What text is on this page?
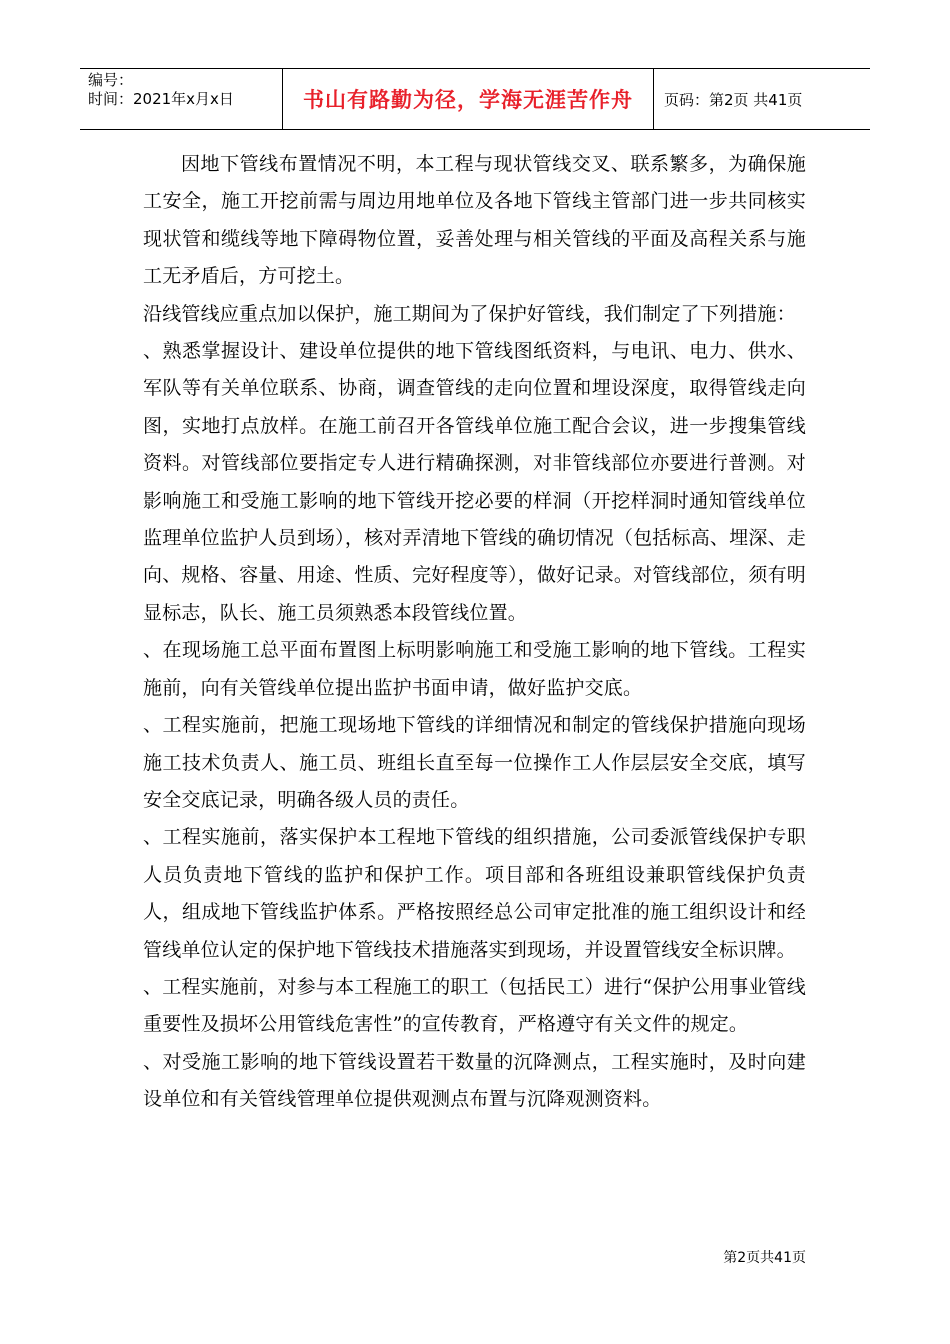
编号：
时间：2021年x月x日	书山有路勤为径，学海无涯苦作舟	页码：第2页 共41页

因地下管线布置情况不明，本工程与现状管线交叉、联系繁多，为确保施工安全，施工开挖前需与周边用地单位及各地下管线主管部门进一步共同核实现状管和缆线等地下障碍物位置，妥善处理与相关管线的平面及高程关系与施工无矛盾后，方可挖土。

沿线管线应重点加以保护，施工期间为了保护好管线，我们制定了下列措施：

、熟悉掌握设计、建设单位提供的地下管线图纸资料，与电讯、电力、供水、军队等有关单位联系、协商，调查管线的走向位置和埋设深度，取得管线走向图，实地打点放样。在施工前召开各管线单位施工配合会议，进一步搜集管线资料。对管线部位要指定专人进行精确探测，对非管线部位亦要进行普测。对影响施工和受施工影响的地下管线开挖必要的样洞（开挖样洞时通知管线单位监理单位监护人员到场），核对弄清地下管线的确切情况（包括标高、埋深、走向、规格、容量、用途、性质、完好程度等），做好记录。对管线部位，须有明显标志，队长、施工员须熟悉本段管线位置。

、在现场施工总平面布置图上标明影响施工和受施工影响的地下管线。工程实施前，向有关管线单位提出监护书面申请，做好监护交底。

、工程实施前，把施工现场地下管线的详细情况和制定的管线保护措施向现场施工技术负责人、施工员、班组长直至每一位操作工人作层层安全交底，填写安全交底记录，明确各级人员的责任。

、工程实施前，落实保护本工程地下管线的组织措施，公司委派管线保护专职人员负责地下管线的监护和保护工作。项目部和各班组设兼职管线保护负责人，组成地下管线监护体系。严格按照经总公司审定批准的施工组织设计和经管线单位认定的保护地下管线技术措施落实到现场，并设置管线安全标识牌。

、工程实施前，对参与本工程施工的职工（包括民工）进行“保护公用事业管线重要性及损坏公用管线危害性”的宣传教育，严格遵守有关文件的规定。

、对受施工影响的地下管线设置若干数量的沉降测点，工程实施时，及时向建设单位和有关管线管理单位提供观测点布置与沉降观测资料。

第2页共41页
